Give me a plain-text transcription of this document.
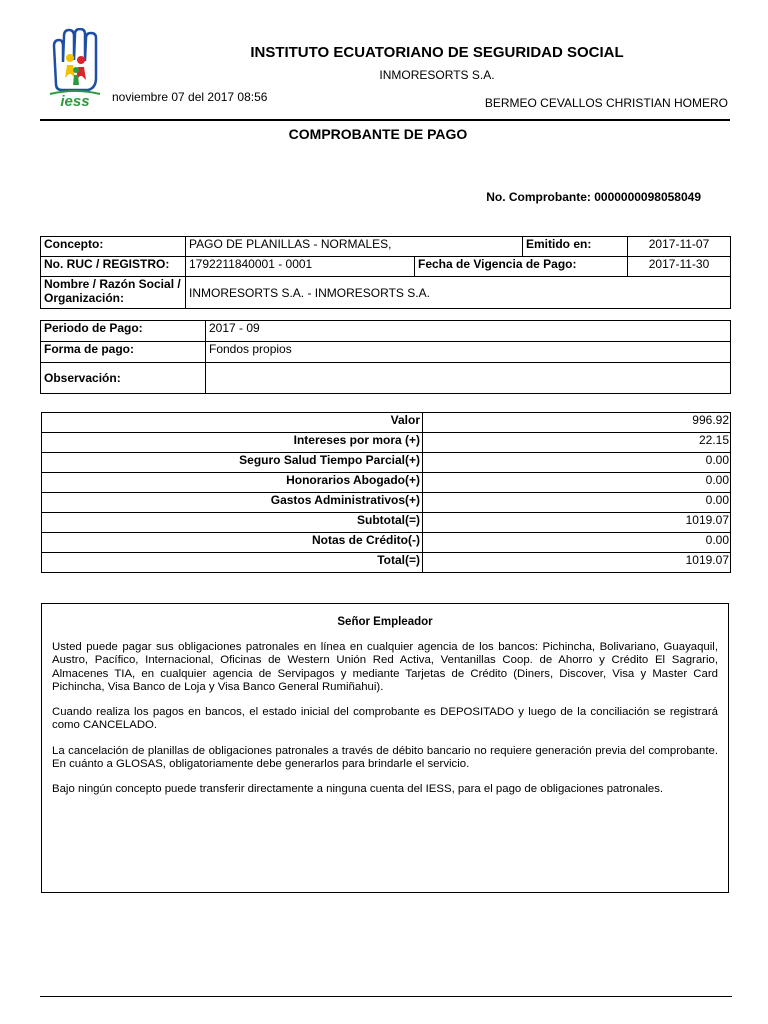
iess
INSTITUTO ECUATORIANO DE SEGURIDAD SOCIAL
INMORESORTS S.A.
noviembre 07 del 2017 08:56	BERMEO CEVALLOS CHRISTIAN HOMERO
COMPROBANTE DE PAGO
No. Comprobante: 0000000098058049
Concepto:	PAGO DE PLANILLAS - NORMALES,		Emitido en:	2017-11-07
No. RUC / REGISTRO:	1792211840001 - 0001	Fecha de Vigencia de Pago:		2017-11-30

Nombre / Razón Social /
Organización:	INMORESORTS S.A. - INMORESORTS S.A.			
Periodo de Pago:	2017 - 09
Forma de pago:	Fondos propios
Observación:	
Valor	996.92
Intereses por mora (+)	22.15
Seguro Salud Tiempo Parcial(+)	0.00
Honorarios Abogado(+)	0.00
Gastos Administrativos(+)	0.00
Subtotal(=)	1019.07
Notas de Crédito(-)	0.00
Total(=)	1019.07
Señor Empleador

Usted puede pagar sus obligaciones patronales en línea en cualquier agencia de los bancos: Pichincha, Bolivariano, Guayaquil, Austro, Pacífico, Internacional, Oficinas de Western Unión Red Activa, Ventanillas Coop. de Ahorro y Crédito El Sagrario, Almacenes TIA, en cualquier agencia de Servipagos y mediante Tarjetas de Crédito (Diners, Discover, Visa y Master Card Pichincha, Visa Banco de Loja y Visa Banco General Rumiñahui).

Cuando realiza los pagos en bancos, el estado inicial del comprobante es DEPOSITADO y luego de la conciliación se registrará como CANCELADO.

La cancelación de planillas de obligaciones patronales a través de débito bancario no requiere generación previa del comprobante. En cuánto a GLOSAS, obligatoriamente debe generarlos para brindarle el servicio.

Bajo ningún concepto puede transferir directamente a ninguna cuenta del IESS, para el pago de obligaciones patronales.
